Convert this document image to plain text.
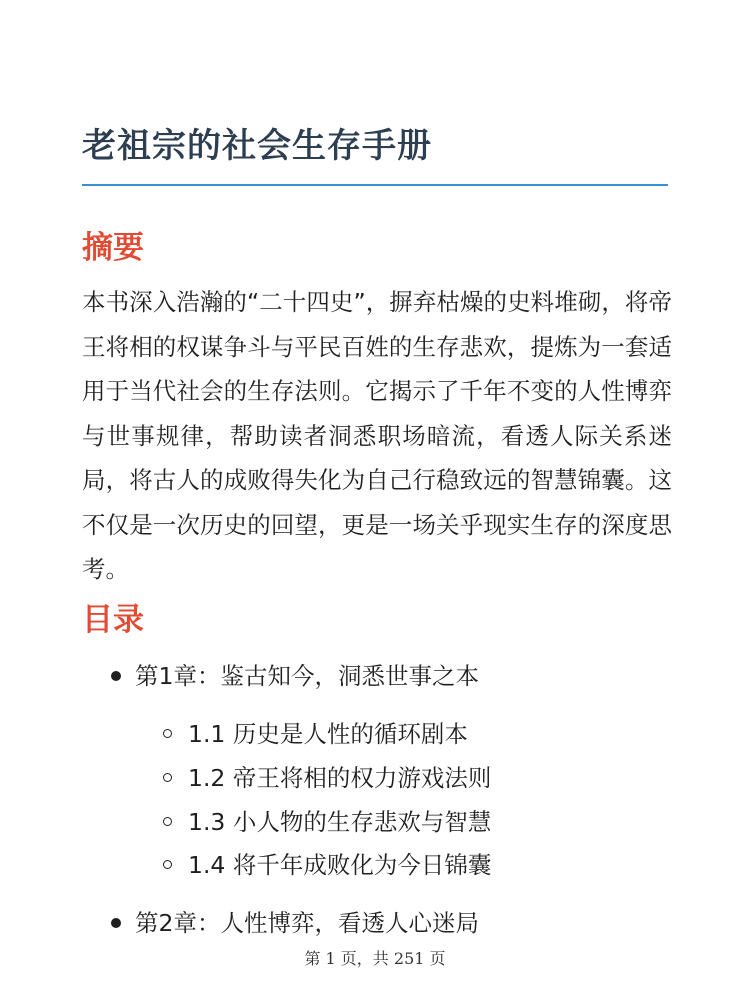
老祖宗的社会生存手册
摘要

本书深入浩瀚的“二十四史”，摒弃枯燥的史料堆砌，将帝王将相的权谋争斗与平民百姓的生存悲欢，提炼为一套适用于当代社会的生存法则。它揭示了千年不变的人性博弈与世事规律，帮助读者洞悉职场暗流，看透人际关系迷局，将古人的成败得失化为自己行稳致远的智慧锦囊。这不仅是一次历史的回望，更是一场关乎现实生存的深度思考。

目录
第1章：鉴古知今，洞悉世事之本
1.1 历史是人性的循环剧本
1.2 帝王将相的权力游戏法则
1.3 小人物的生存悲欢与智慧
1.4 将千年成败化为今日锦囊
第2章：人性博弈，看透人心迷局
第 1 页，共 251 页
